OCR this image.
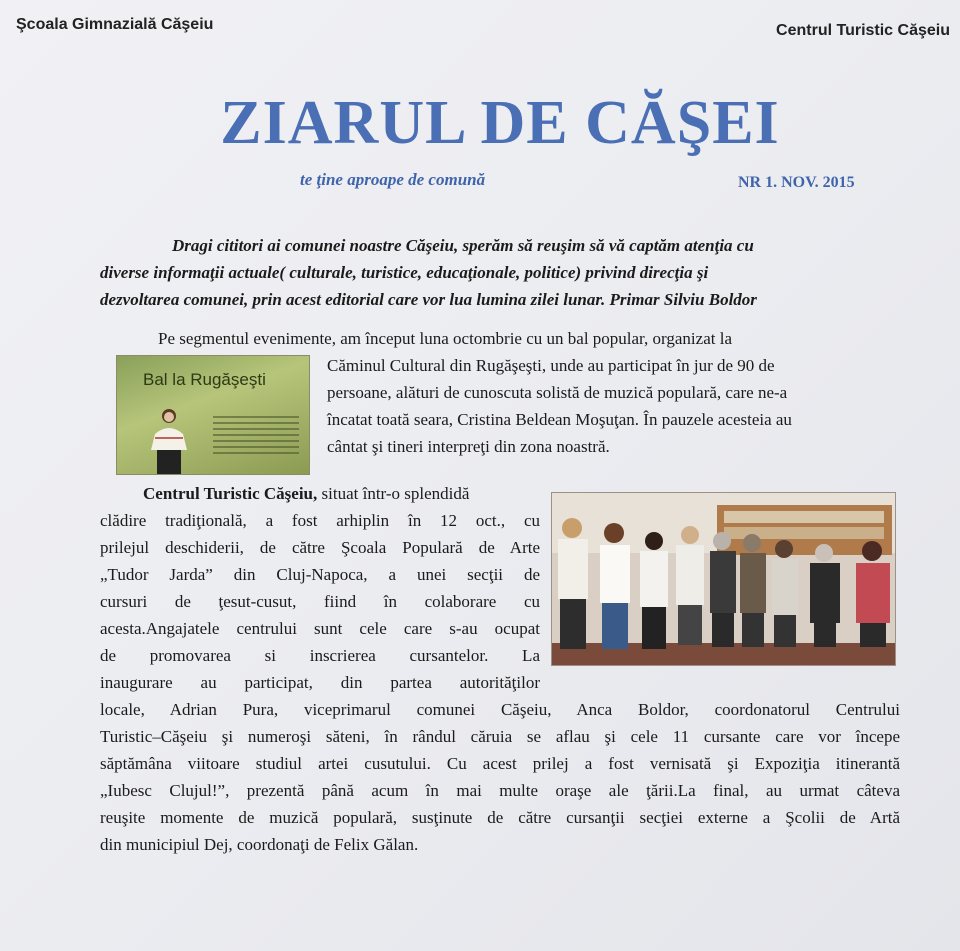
Şcoala Gimnazială Căşeiu	Centrul Turistic Căşeiu
ZIARUL DE CĂŞEI
te ţine aproape de comună	NR 1. NOV. 2015
Dragi cititori ai comunei noastre Căşeiu, sperăm să reuşim să vă captăm atenţia cu
diverse informaţii actuale( culturale, turistice, educaţionale, politice) privind direcţia şi
dezvoltarea comunei, prin acest editorial care vor lua lumina zilei lunar. Primar Silviu Boldor
Pe segmentul evenimente, am început luna octombrie cu un bal popular, organizat la
Căminul Cultural din Rugăşeşti, unde au participat în jur de 90 de
persoane, alături de cunoscuta solistă de muzică populară, care ne-a
încatat toată seara, Cristina Beldean Moşuţan. În pauzele acesteia au
cântat şi tineri interpreţi din zona noastră.
Bal la Rugăşeşti
Centrul Turistic Căşeiu, situat într-o splendidă
clădire tradiţională, a fost arhiplin în 12 oct., cu
prilejul deschiderii, de către Şcoala Populară de Arte
„Tudor Jarda” din Cluj-Napoca, a unei secţii de
cursuri de ţesut-cusut, fiind în colaborare cu
acesta.Angajatele centrului sunt cele care s-au ocupat
de promovarea si inscrierea cursantelor. La
inaugurare au participat, din partea autorităţilor
locale, Adrian Pura, viceprimarul comunei Căşeiu, Anca Boldor, coordonatorul Centrului
Turistic–Căşeiu şi numeroşi săteni, în rândul căruia se aflau şi cele 11 cursante care vor începe
săptămâna viitoare studiul artei cusutului. Cu acest prilej a fost vernisată şi Expoziţia itinerantă
„Iubesc Clujul!”, prezentă până acum în mai multe oraşe ale ţării.La final, au urmat câteva
reuşite momente de muzică populară, susţinute de către cursanţii secţiei externe a Şcolii de Artă
din municipiul Dej, coordonaţi de Felix Gălan.
